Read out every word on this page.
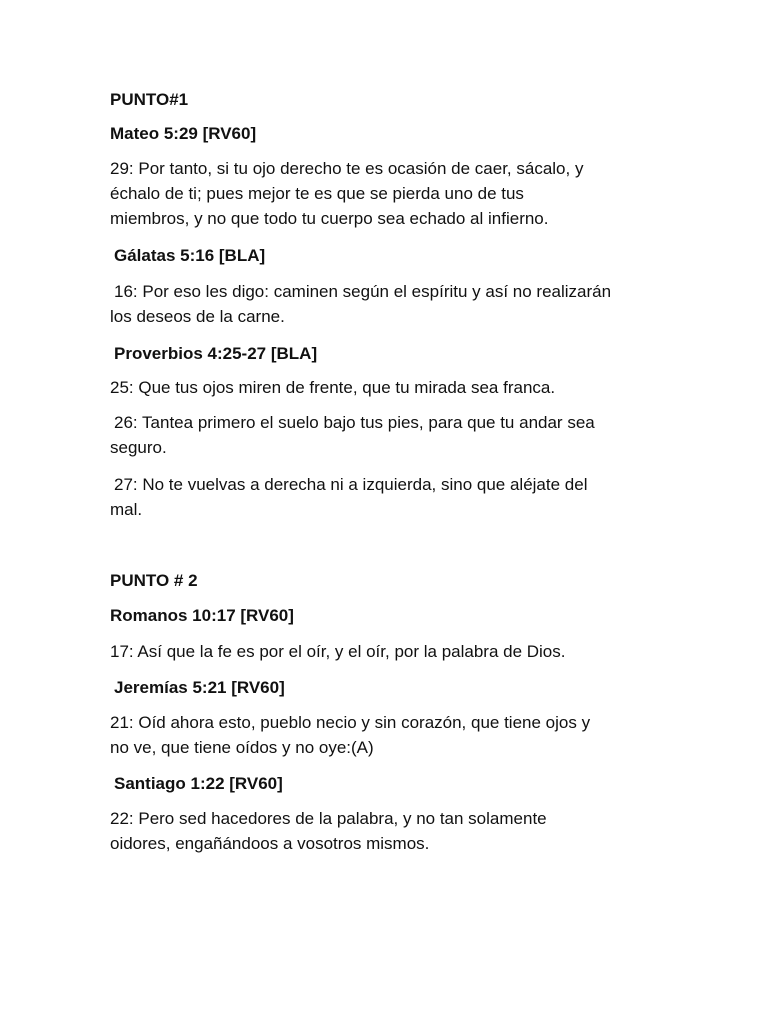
PUNTO#1
Mateo 5:29 [RV60]
29: Por tanto, si tu ojo derecho te es ocasión de caer, sácalo, y
échalo de ti; pues mejor te es que se pierda uno de tus
miembros, y no que todo tu cuerpo sea echado al infierno.
Gálatas 5:16 [BLA]
16: Por eso les digo: caminen según el espíritu y así no realizarán
los deseos de la carne.
Proverbios 4:25-27 [BLA]
25: Que tus ojos miren de frente, que tu mirada sea franca.
26: Tantea primero el suelo bajo tus pies, para que tu andar sea
seguro.
27: No te vuelvas a derecha ni a izquierda, sino que aléjate del
mal.
PUNTO # 2
Romanos 10:17 [RV60]
17: Así que la fe es por el oír, y el oír, por la palabra de Dios.
Jeremías 5:21 [RV60]
21: Oíd ahora esto, pueblo necio y sin corazón, que tiene ojos y
no ve, que tiene oídos y no oye:(A)
Santiago 1:22 [RV60]
22: Pero sed hacedores de la palabra, y no tan solamente
oidores, engañándoos a vosotros mismos.
